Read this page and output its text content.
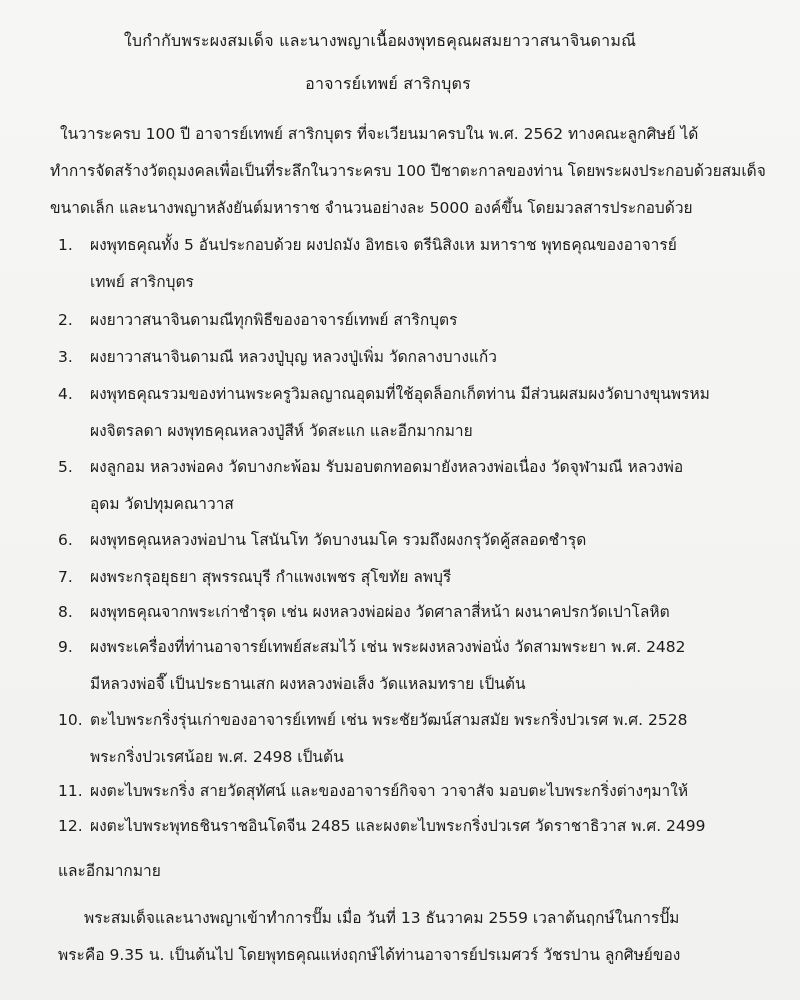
ใบกำกับพระผงสมเด็จ และนางพญาเนื้อผงพุทธคุณผสมยาวาสนาจินดามณี
อาจารย์เทพย์ สาริกบุตร
ในวาระครบ 100 ปี อาจารย์เทพย์ สาริกบุตร ที่จะเวียนมาครบใน พ.ศ. 2562 ทางคณะลูกศิษย์ ได้
ทำการจัดสร้างวัตถุมงคลเพื่อเป็นที่ระลึกในวาระครบ 100 ปีชาตะกาลของท่าน โดยพระผงประกอบด้วยสมเด็จ
ขนาดเล็ก และนางพญาหลังยันต์มหาราช จำนวนอย่างละ 5000 องค์ขึ้น โดยมวลสารประกอบด้วย
1.	ผงพุทธคุณทั้ง 5 อันประกอบด้วย ผงปถมัง อิทธเจ ตรีนิสิงเห มหาราช พุทธคุณของอาจารย์
เทพย์ สาริกบุตร
2.	ผงยาวาสนาจินดามณีทุกพิธีของอาจารย์เทพย์ สาริกบุตร
3.	ผงยาวาสนาจินดามณี หลวงปู่บุญ หลวงปู่เพิ่ม วัดกลางบางแก้ว
4.	ผงพุทธคุณรวมของท่านพระครูวิมลญาณอุดมที่ใช้อุดล็อกเก็ตท่าน มีส่วนผสมผงวัดบางขุนพรหม
ผงจิตรลดา ผงพุทธคุณหลวงปู่สีห์ วัดสะแก และอีกมากมาย
5.	ผงลูกอม หลวงพ่อคง วัดบางกะพ้อม รับมอบตกทอดมายังหลวงพ่อเนื่อง วัดจุฬามณี หลวงพ่อ
อุดม วัดปทุมคณาวาส
6.	ผงพุทธคุณหลวงพ่อปาน โสนันโท วัดบางนมโค รวมถึงผงกรุวัดคู้สลอดชำรุด
7.	ผงพระกรุอยุธยา สุพรรณบุรี กำแพงเพชร สุโขทัย ลพบุรี
8.	ผงพุทธคุณจากพระเก่าชำรุด เช่น ผงหลวงพ่อผ่อง วัดศาลาสี่หน้า ผงนาคปรกวัดเปาโลหิต
9.	ผงพระเครื่องที่ท่านอาจารย์เทพย์สะสมไว้ เช่น พระผงหลวงพ่อนั่ง วัดสามพระยา พ.ศ. 2482
มีหลวงพ่อจี๊ เป็นประธานเสก ผงหลวงพ่อเส็ง วัดแหลมทราย เป็นต้น
10. ตะไบพระกริ่งรุ่นเก่าของอาจารย์เทพย์ เช่น พระชัยวัฒน์สามสมัย พระกริ่งปวเรศ พ.ศ. 2528
พระกริ่งปวเรศน้อย พ.ศ. 2498 เป็นต้น
11. ผงตะไบพระกริ่ง สายวัดสุทัศน์ และของอาจารย์กิจจา วาจาสัจ มอบตะไบพระกริ่งต่างๆมาให้
12. ผงตะไบพระพุทธชินราชอินโดจีน 2485 และผงตะไบพระกริ่งปวเรศ วัดราชาธิวาส พ.ศ. 2499
และอีกมากมาย
พระสมเด็จและนางพญาเข้าทำการปั๊ม เมื่อ วันที่ 13 ธันวาคม 2559 เวลาต้นฤกษ์ในการปั๊ม
พระคือ 9.35 น. เป็นต้นไป โดยพุทธคุณแห่งฤกษ์ได้ท่านอาจารย์ปรเมศวร์ วัชรปาน ลูกศิษย์ของ
